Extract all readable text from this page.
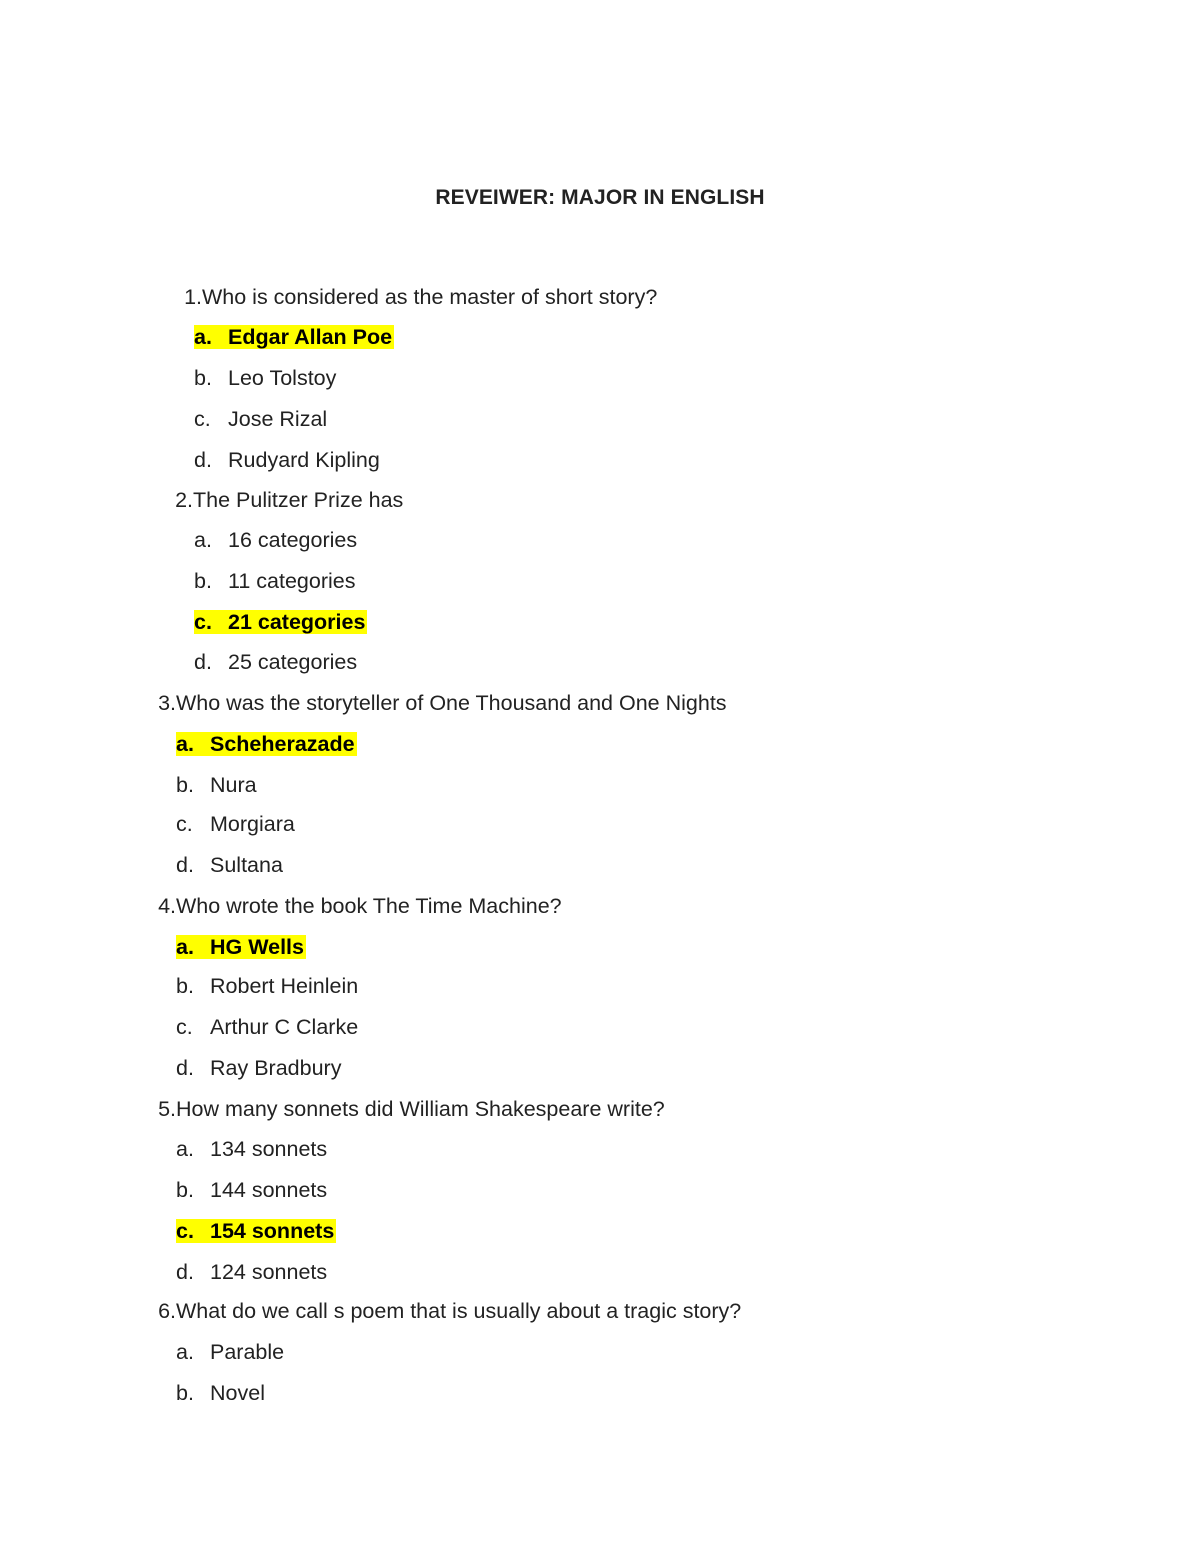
REVEIWER: MAJOR IN ENGLISH
1.Who is considered as the master of short story?
a. Edgar Allan Poe
b. Leo Tolstoy
c. Jose Rizal
d. Rudyard Kipling
2.The Pulitzer Prize has
a. 16 categories
b. 11 categories
c. 21 categories
d. 25 categories
3.Who was the storyteller of One Thousand and One Nights
a. Scheherazade
b. Nura
c. Morgiara
d. Sultana
4.Who wrote the book The Time Machine?
a. HG Wells
b. Robert Heinlein
c. Arthur C Clarke
d. Ray Bradbury
5.How many sonnets did William Shakespeare write?
a. 134 sonnets
b. 144 sonnets
c. 154 sonnets
d. 124 sonnets
6.What do we call s poem that is usually about a tragic story?
a. Parable
b. Novel
